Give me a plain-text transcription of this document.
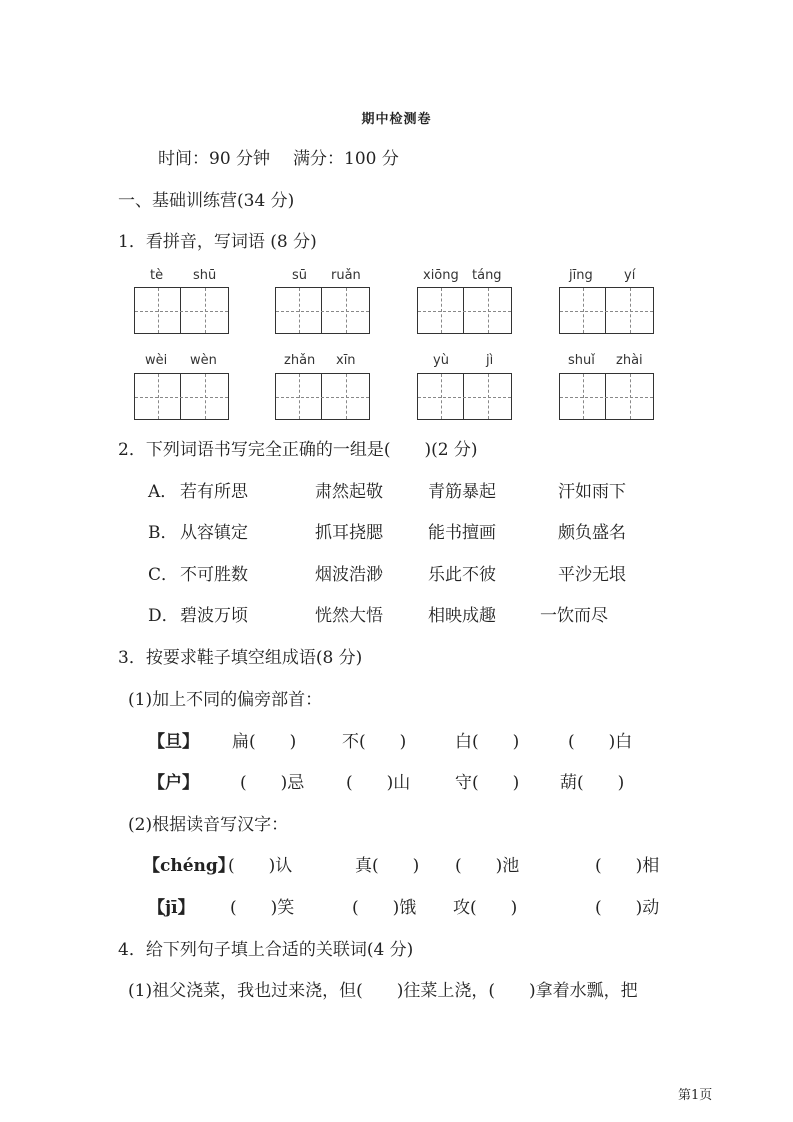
期中检测卷
时间：90 分钟 满分：100 分
一、基础训练营(34 分)
1．看拼音，写词语 (8 分)
tè shū	sū ruǎn	xiōng táng	jīng yí
wèi wèn	zhǎn xīn	yù	jì	shuǐ zhài
2．下列词语书写完全正确的一组是(　　)(2 分)
A． 若有所思	肃然起敬	青筋暴起	汗如雨下
B． 从容镇定	抓耳挠腮	能书擅画	颇负盛名
C． 不可胜数	烟波浩渺	乐此不彼	平沙无垠
D． 碧波万顷	恍然大悟	相映成趣	一饮而尽
3．按要求鞋子填空组成语(8 分)
(1)加上不同的偏旁部首：
【旦】 扁(　　)	不(　　)	白(　　)	(　　)白
【户】 (　　)忌 (　　)山	守(　　) 葫(　　)
(2)根据读音写汉字：
【chéng】
(　　)认	真(　　) (　　)池	(　　)相
【jī】 (　　)笑	(　　)饿 攻(　　)	(　　)动
4．给下列句子填上合适的关联词(4 分)
(1)祖父浇菜，我也过来浇，但(　　)往菜上浇，(　　)拿着水瓢，把
第1页
